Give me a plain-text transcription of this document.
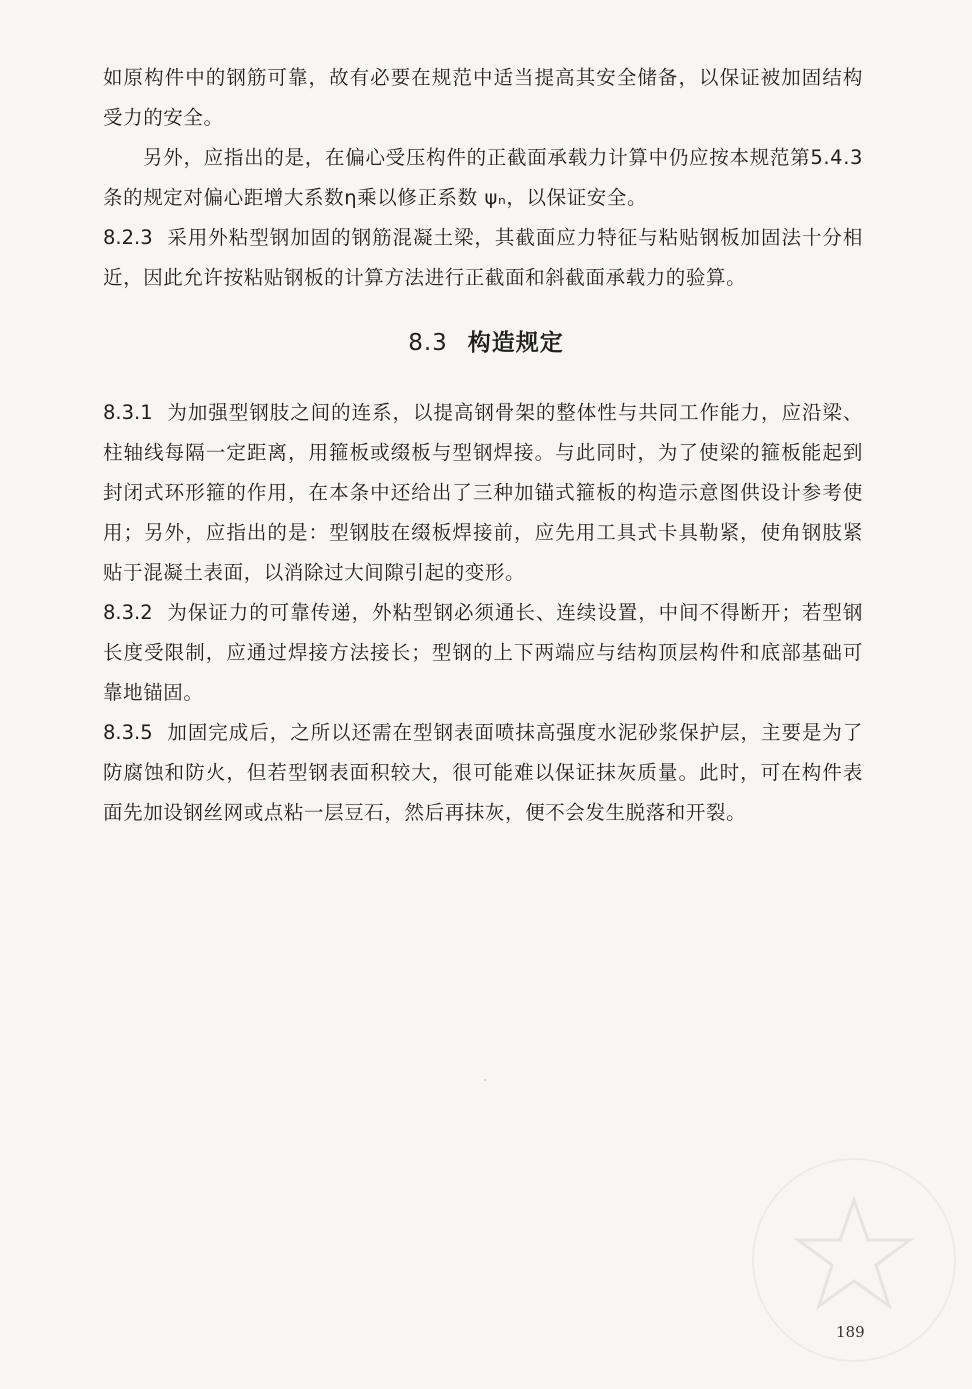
如原构件中的钢筋可靠，故有必要在规范中适当提高其安全储备，以保证被加固结构受力的安全。

另外，应指出的是，在偏心受压构件的正截面承载力计算中仍应按本规范第5.4.3条的规定对偏心距增大系数η乘以修正系数 ψₙ，以保证安全。

8.2.3 采用外粘型钢加固的钢筋混凝土梁，其截面应力特征与粘贴钢板加固法十分相近，因此允许按粘贴钢板的计算方法进行正截面和斜截面承载力的验算。

8.3 构造规定

8.3.1 为加强型钢肢之间的连系，以提高钢骨架的整体性与共同工作能力，应沿梁、柱轴线每隔一定距离，用箍板或缀板与型钢焊接。与此同时，为了使梁的箍板能起到封闭式环形箍的作用，在本条中还给出了三种加锚式箍板的构造示意图供设计参考使用；另外，应指出的是：型钢肢在缀板焊接前，应先用工具式卡具勒紧，使角钢肢紧贴于混凝土表面，以消除过大间隙引起的变形。

8.3.2 为保证力的可靠传递，外粘型钢必须通长、连续设置，中间不得断开；若型钢长度受限制，应通过焊接方法接长；型钢的上下两端应与结构顶层构件和底部基础可靠地锚固。

8.3.5 加固完成后，之所以还需在型钢表面喷抹高强度水泥砂浆保护层，主要是为了防腐蚀和防火，但若型钢表面积较大，很可能难以保证抹灰质量。此时，可在构件表面先加设钢丝网或点粘一层豆石，然后再抹灰，便不会发生脱落和开裂。

189
